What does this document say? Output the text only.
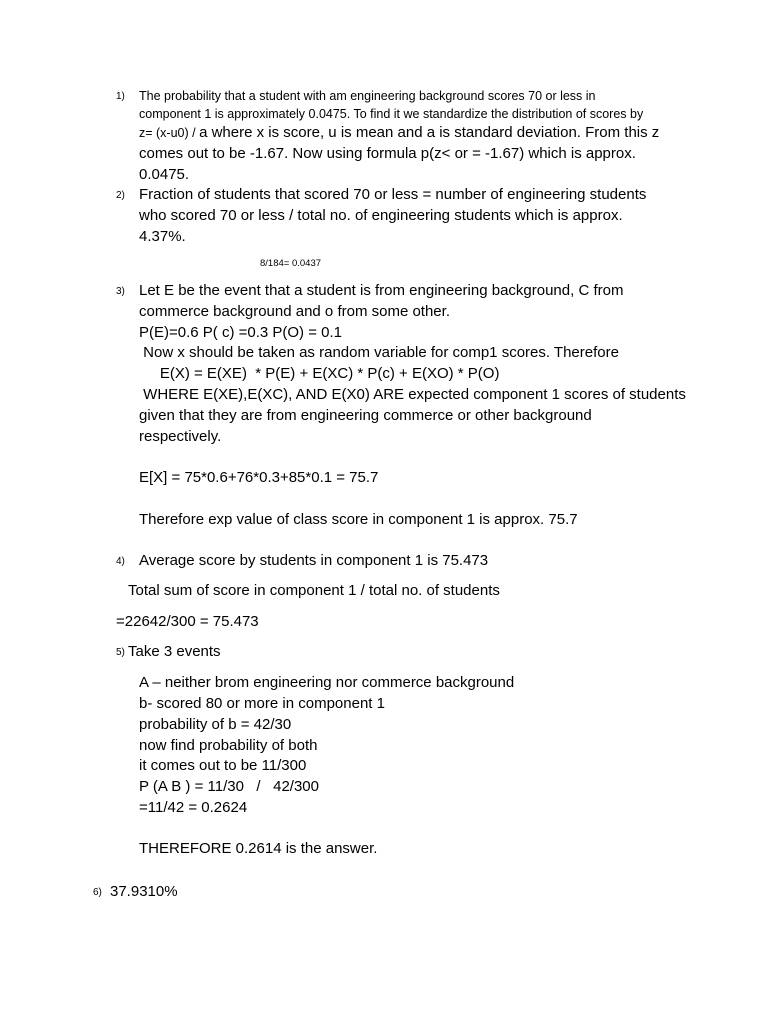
1) The probability that a student with am engineering background scores 70 or less in
component 1 is approximately 0.0475. To find it we standardize the distribution of scores by
z= (x-u0) / a where x is score, u is mean and a is standard deviation. From this z
comes out to be -1.67. Now using formula p(z< or = -1.67) which is approx.
0.0475.
2) Fraction of students that scored 70 or less = number of engineering students
who scored 70 or less / total no. of engineering students which is approx.
4.37%.
8/184= 0.0437
3) Let E be the event that a student is from engineering background, C from
commerce background and o from some other.
P(E)=0.6 P( c) =0.3 P(O) = 0.1
Now x should be taken as random variable for comp1 scores. Therefore
E(X) = E(XE)  * P(E) + E(XC) * P(c) + E(XO) * P(O)
WHERE E(XE),E(XC), AND E(X0) ARE expected component 1 scores of students
given that they are from engineering commerce or other background
respectively.
E[X] = 75*0.6+76*0.3+85*0.1 = 75.7
Therefore exp value of class score in component 1 is approx. 75.7
4) Average score by students in component 1 is 75.473
Total sum of score in component 1 / total no. of students
=22642/300 = 75.473
5) Take 3 events
A – neither brom engineering nor commerce background
b- scored 80 or more in component 1
probability of b = 42/30
now find probability of both
it comes out to be 11/300
P (A B ) = 11/30   /   42/300
=11/42 = 0.2624
THEREFORE 0.2614 is the answer.
6) 37.9310%
